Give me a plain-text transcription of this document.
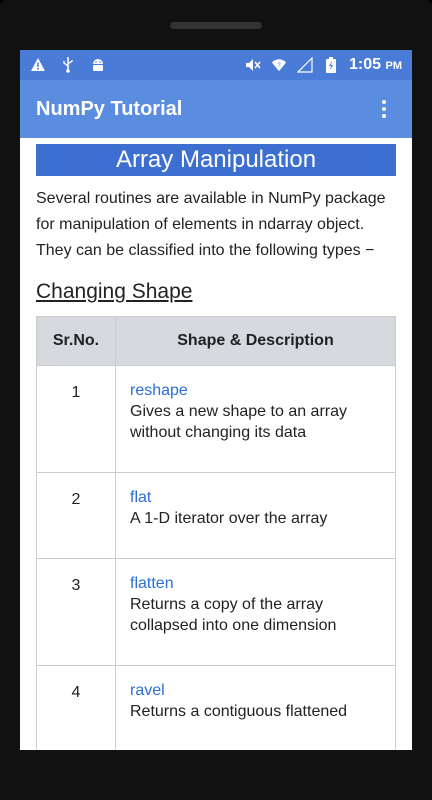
?	1:05 PM
NumPy Tutorial
Array Manipulation

Several routines are available in NumPy package for manipulation of elements in ndarray object. They can be classified into the following types −

Changing Shape
Sr.No.	Shape & Description
1	reshape
Gives a new shape to an array without changing its data
2	flat
A 1-D iterator over the array
3	flatten
Returns a copy of the array collapsed into one dimension
4	ravel
Returns a contiguous flattened
